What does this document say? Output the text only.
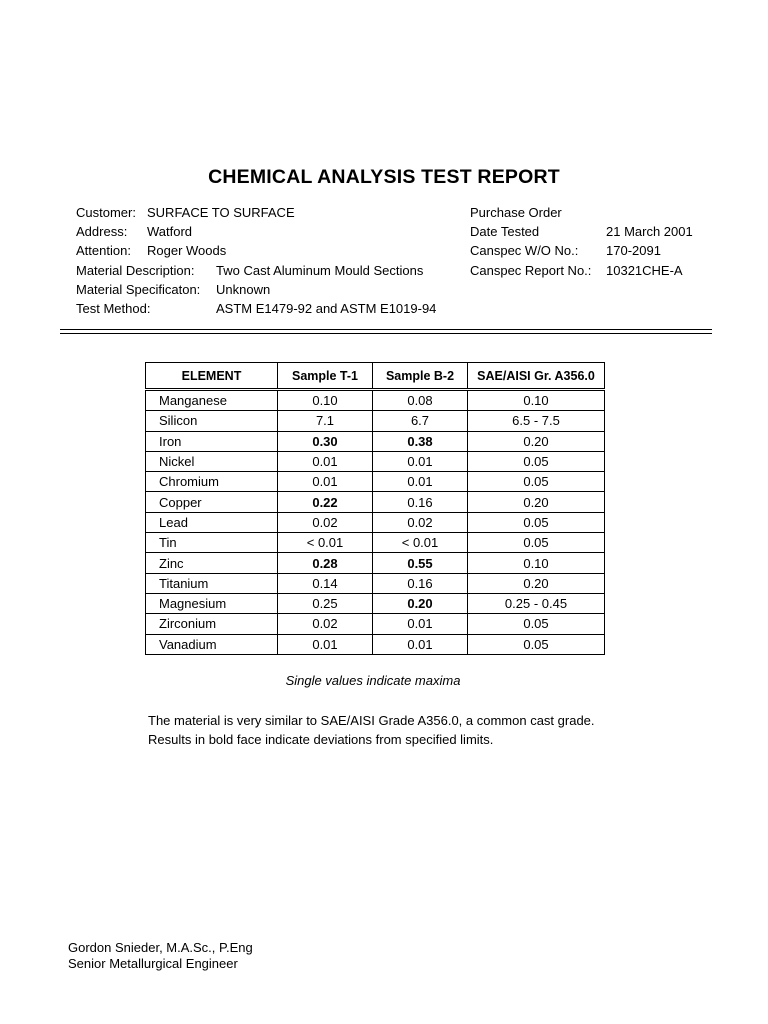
CHEMICAL ANALYSIS TEST REPORT
Customer: SURFACE TO SURFACE
Address: Watford
Attention: Roger Woods
Material Description: Two Cast Aluminum Mould Sections
Material Specificaton: Unknown
Test Method:	ASTM E1479-92 and ASTM E1019-94
Purchase Order
Date Tested	21 March 2001
Canspec W/O No.: 170-2091
Canspec Report No.: 10321CHE-A
ELEMENT	Sample T-1	Sample B-2	SAE/AISI Gr. A356.0
Manganese	0.10	0.08	0.10
Silicon	7.1	6.7	6.5 - 7.5
Iron	0.30	0.38	0.20
Nickel	0.01	0.01	0.05
Chromium	0.01	0.01	0.05
Copper	0.22	0.16	0.20
Lead	0.02	0.02	0.05
Tin	< 0.01	< 0.01	0.05
Zinc	0.28	0.55	0.10
Titanium	0.14	0.16	0.20
Magnesium	0.25	0.20	0.25 - 0.45
Zirconium	0.02	0.01	0.05
Vanadium	0.01	0.01	0.05
Single values indicate maxima
The material is very similar to SAE/AISI Grade A356.0, a common cast grade.
Results in bold face indicate deviations from specified limits.
Gordon Snieder, M.A.Sc., P.Eng
Senior Metallurgical Engineer
